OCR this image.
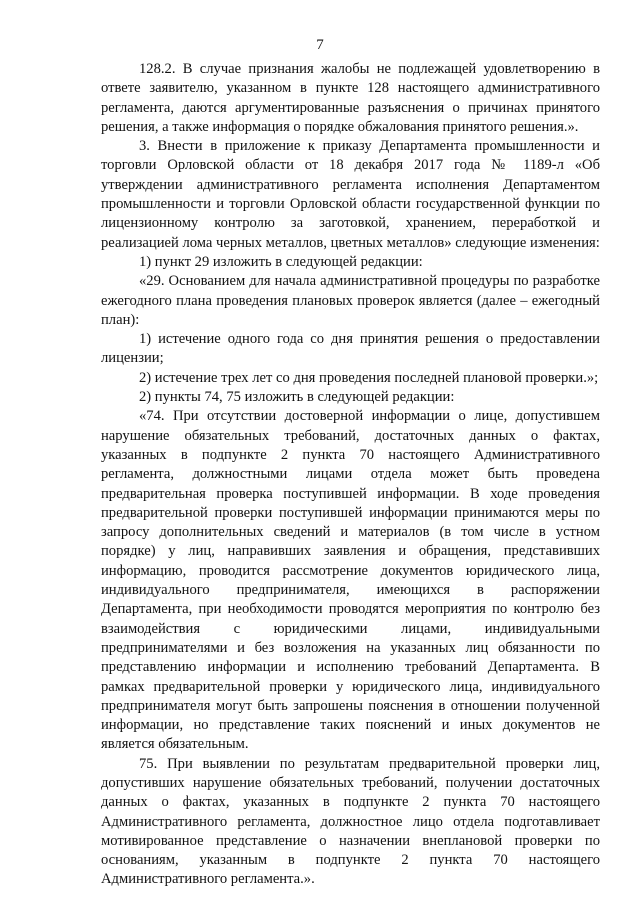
7

128.2. В случае признания жалобы не подлежащей удовлетворению в ответе заявителю, указанном в пункте 128 настоящего административного регламента, даются аргументированные разъяснения о причинах принятого решения, а также информация о порядке обжалования принятого решения.».

3. Внести в приложение к приказу Департамента промышленности и торговли Орловской области от 18 декабря 2017 года № 1189-л «Об утверждении административного регламента исполнения Департаментом промышленности и торговли Орловской области государственной функции по лицензионному контролю за заготовкой, хранением, переработкой и реализацией лома черных металлов, цветных металлов» следующие изменения:

1) пункт 29 изложить в следующей редакции:

«29. Основанием для начала административной процедуры по разработке ежегодного плана проведения плановых проверок является (далее – ежегодный план):

1) истечение одного года со дня принятия решения о предоставлении лицензии;

2) истечение трех лет со дня проведения последней плановой проверки.»;

2) пункты 74, 75 изложить в следующей редакции:

«74. При отсутствии достоверной информации о лице, допустившем нарушение обязательных требований, достаточных данных о фактах, указанных в подпункте 2 пункта 70 настоящего Административного регламента, должностными лицами отдела может быть проведена предварительная проверка поступившей информации. В ходе проведения предварительной проверки поступившей информации принимаются меры по запросу дополнительных сведений и материалов (в том числе в устном порядке) у лиц, направивших заявления и обращения, представивших информацию, проводится рассмотрение документов юридического лица, индивидуального предпринимателя, имеющихся в распоряжении Департамента, при необходимости проводятся мероприятия по контролю без взаимодействия с юридическими лицами, индивидуальными предпринимателями и без возложения на указанных лиц обязанности по представлению информации и исполнению требований Департамента. В рамках предварительной проверки у юридического лица, индивидуального предпринимателя могут быть запрошены пояснения в отношении полученной информации, но представление таких пояснений и иных документов не является обязательным.

75. При выявлении по результатам предварительной проверки лиц, допустивших нарушение обязательных требований, получении достаточных данных о фактах, указанных в подпункте 2 пункта 70 настоящего Административного регламента, должностное лицо отдела подготавливает мотивированное представление о назначении внеплановой проверки по основаниям, указанным в подпункте 2 пункта 70 настоящего Административного регламента.».
